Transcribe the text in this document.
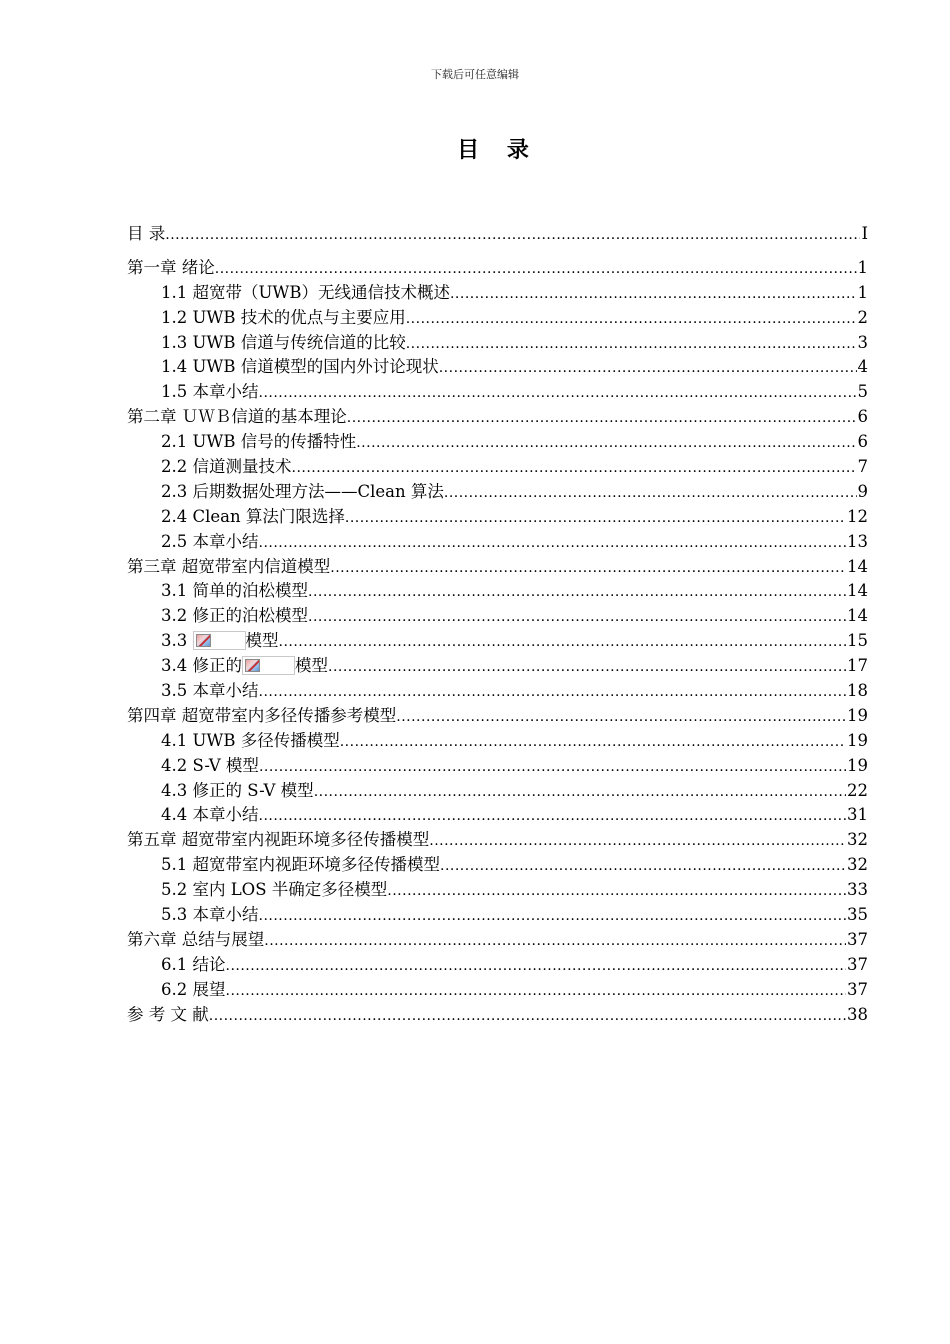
下载后可任意编辑
目 录
目 录 .....	I
第一章 绪论 .....	1
1.1 超宽带（UWB）无线通信技术概述 .....	1
1.2 UWB 技术的优点与主要应用 .....	2
1.3 UWB 信道与传统信道的比较 .....	3
1.4 UWB 信道模型的国内外讨论现状 .....	4
1.5 本章小结 .....	5
第二章 ＵＷＢ信道的基本理论 .....	6
2.1 UWB 信号的传播特性 .....	6
2.2 信道测量技术 .....	7
2.3 后期数据处理方法——Clean 算法 .....	9
2.4 Clean 算法门限选择 .....	12
2.5 本章小结 .....	13
第三章 超宽带室内信道模型 .....	14
3.1 简单的泊松模型 .....	14
3.2 修正的泊松模型 .....	14
3.3	模型 .....	15
3.4 修正的	模型 .....	17
3.5 本章小结 .....	18
第四章 超宽带室内多径传播参考模型 .....	19
4.1 UWB 多径传播模型 .....	19
4.2 S-V 模型 .....	19
4.3 修正的 S-V 模型 .....	22
4.4 本章小结 .....	31
第五章 超宽带室内视距环境多径传播模型 .....	32
5.1 超宽带室内视距环境多径传播模型 .....	32
5.2 室内 LOS 半确定多径模型 .....	33
5.3 本章小结 .....	35
第六章 总结与展望 .....	37
6.1 结论 .....	37
6.2 展望 .....	37
参 考 文 献 .....	38
